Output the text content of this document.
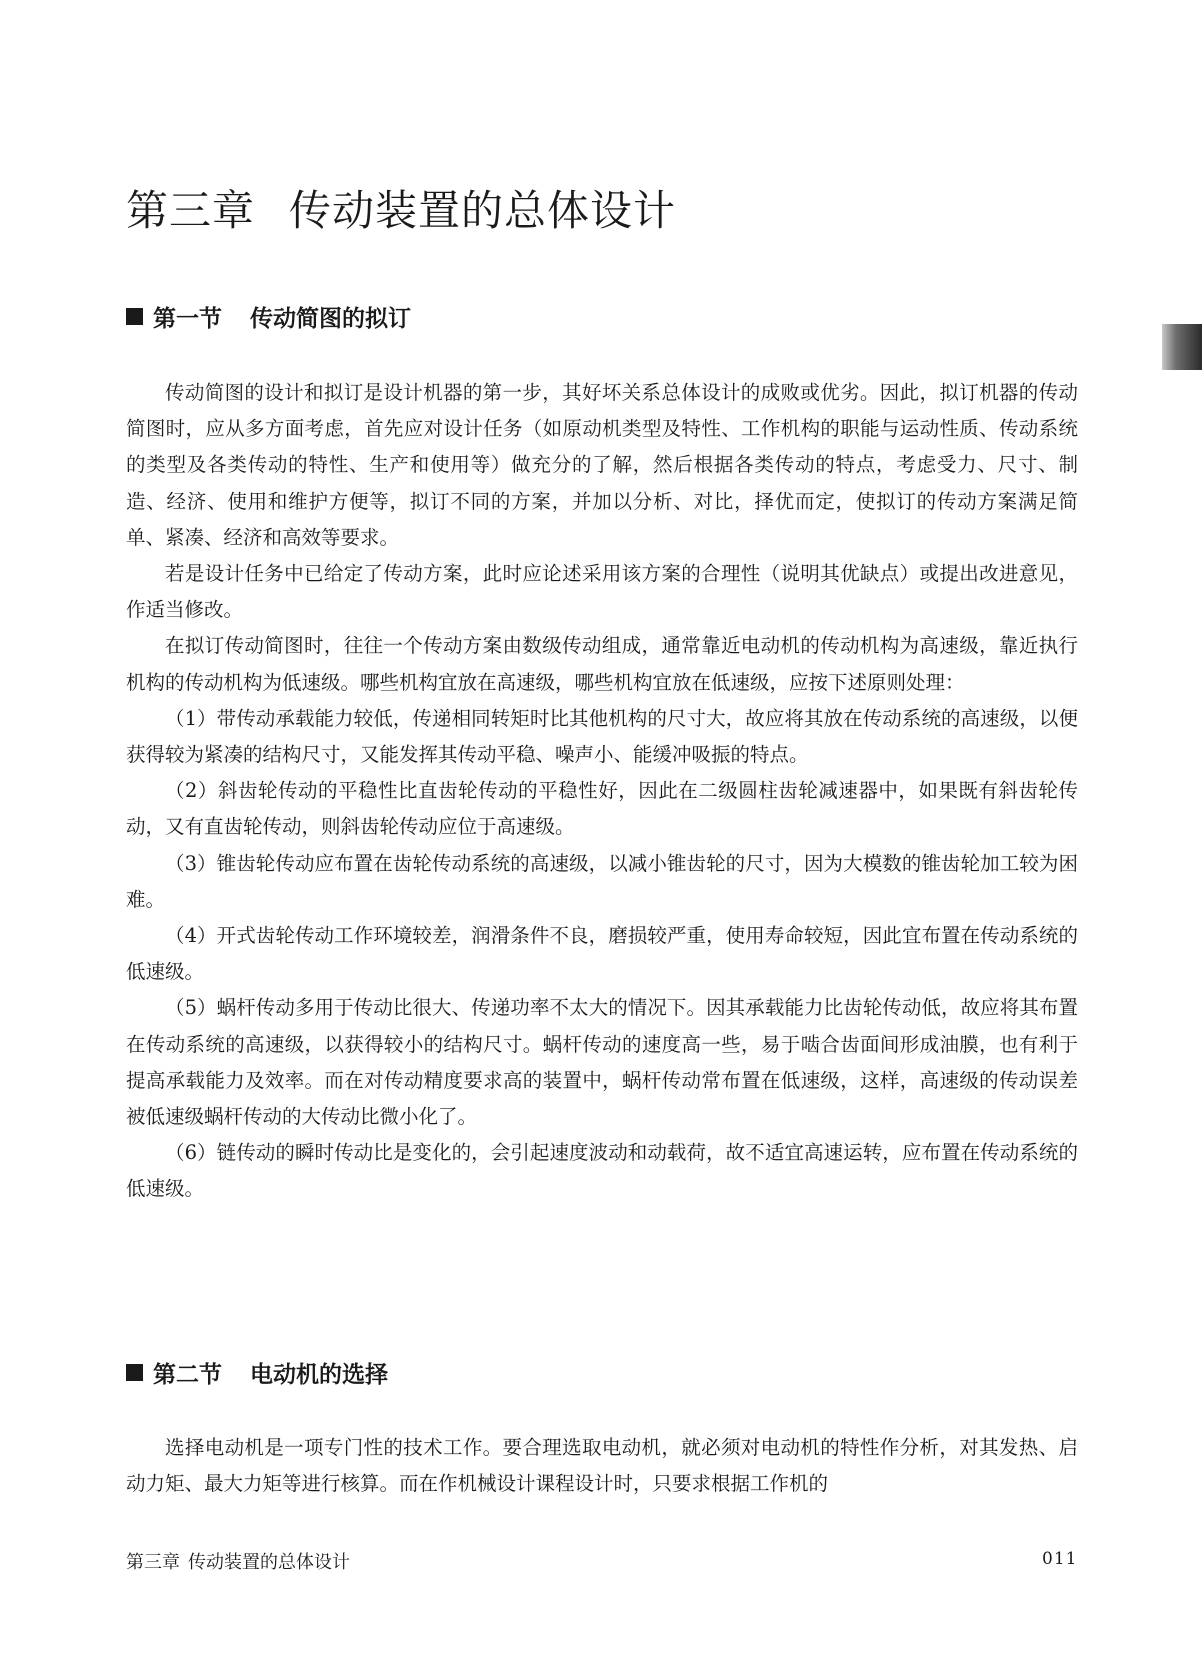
第三章 传动装置的总体设计
第一节 传动简图的拟订

传动简图的设计和拟订是设计机器的第一步，其好坏关系总体设计的成败或优劣。因此，拟订机器的传动简图时，应从多方面考虑，首先应对设计任务（如原动机类型及特性、工作机构的职能与运动性质、传动系统的类型及各类传动的特性、生产和使用等）做充分的了解，然后根据各类传动的特点，考虑受力、尺寸、制造、经济、使用和维护方便等，拟订不同的方案，并加以分析、对比，择优而定，使拟订的传动方案满足简单、紧凑、经济和高效等要求。

若是设计任务中已给定了传动方案，此时应论述采用该方案的合理性（说明其优缺点）或提出改进意见，作适当修改。

在拟订传动简图时，往往一个传动方案由数级传动组成，通常靠近电动机的传动机构为高速级，靠近执行机构的传动机构为低速级。哪些机构宜放在高速级，哪些机构宜放在低速级，应按下述原则处理：

（1）带传动承载能力较低，传递相同转矩时比其他机构的尺寸大，故应将其放在传动系统的高速级，以便获得较为紧凑的结构尺寸，又能发挥其传动平稳、噪声小、能缓冲吸振的特点。

（2）斜齿轮传动的平稳性比直齿轮传动的平稳性好，因此在二级圆柱齿轮减速器中，如果既有斜齿轮传动，又有直齿轮传动，则斜齿轮传动应位于高速级。

（3）锥齿轮传动应布置在齿轮传动系统的高速级，以减小锥齿轮的尺寸，因为大模数的锥齿轮加工较为困难。

（4）开式齿轮传动工作环境较差，润滑条件不良，磨损较严重，使用寿命较短，因此宜布置在传动系统的低速级。

（5）蜗杆传动多用于传动比很大、传递功率不太大的情况下。因其承载能力比齿轮传动低，故应将其布置在传动系统的高速级，以获得较小的结构尺寸。蜗杆传动的速度高一些，易于啮合齿面间形成油膜，也有利于提高承载能力及效率。而在对传动精度要求高的装置中，蜗杆传动常布置在低速级，这样，高速级的传动误差被低速级蜗杆传动的大传动比微小化了。

（6）链传动的瞬时传动比是变化的，会引起速度波动和动载荷，故不适宜高速运转，应布置在传动系统的低速级。

第二节 电动机的选择

选择电动机是一项专门性的技术工作。要合理选取电动机，就必须对电动机的特性作分析，对其发热、启动力矩、最大力矩等进行核算。而在作机械设计课程设计时，只要求根据工作机的

第三章 传动装置的总体设计	011
